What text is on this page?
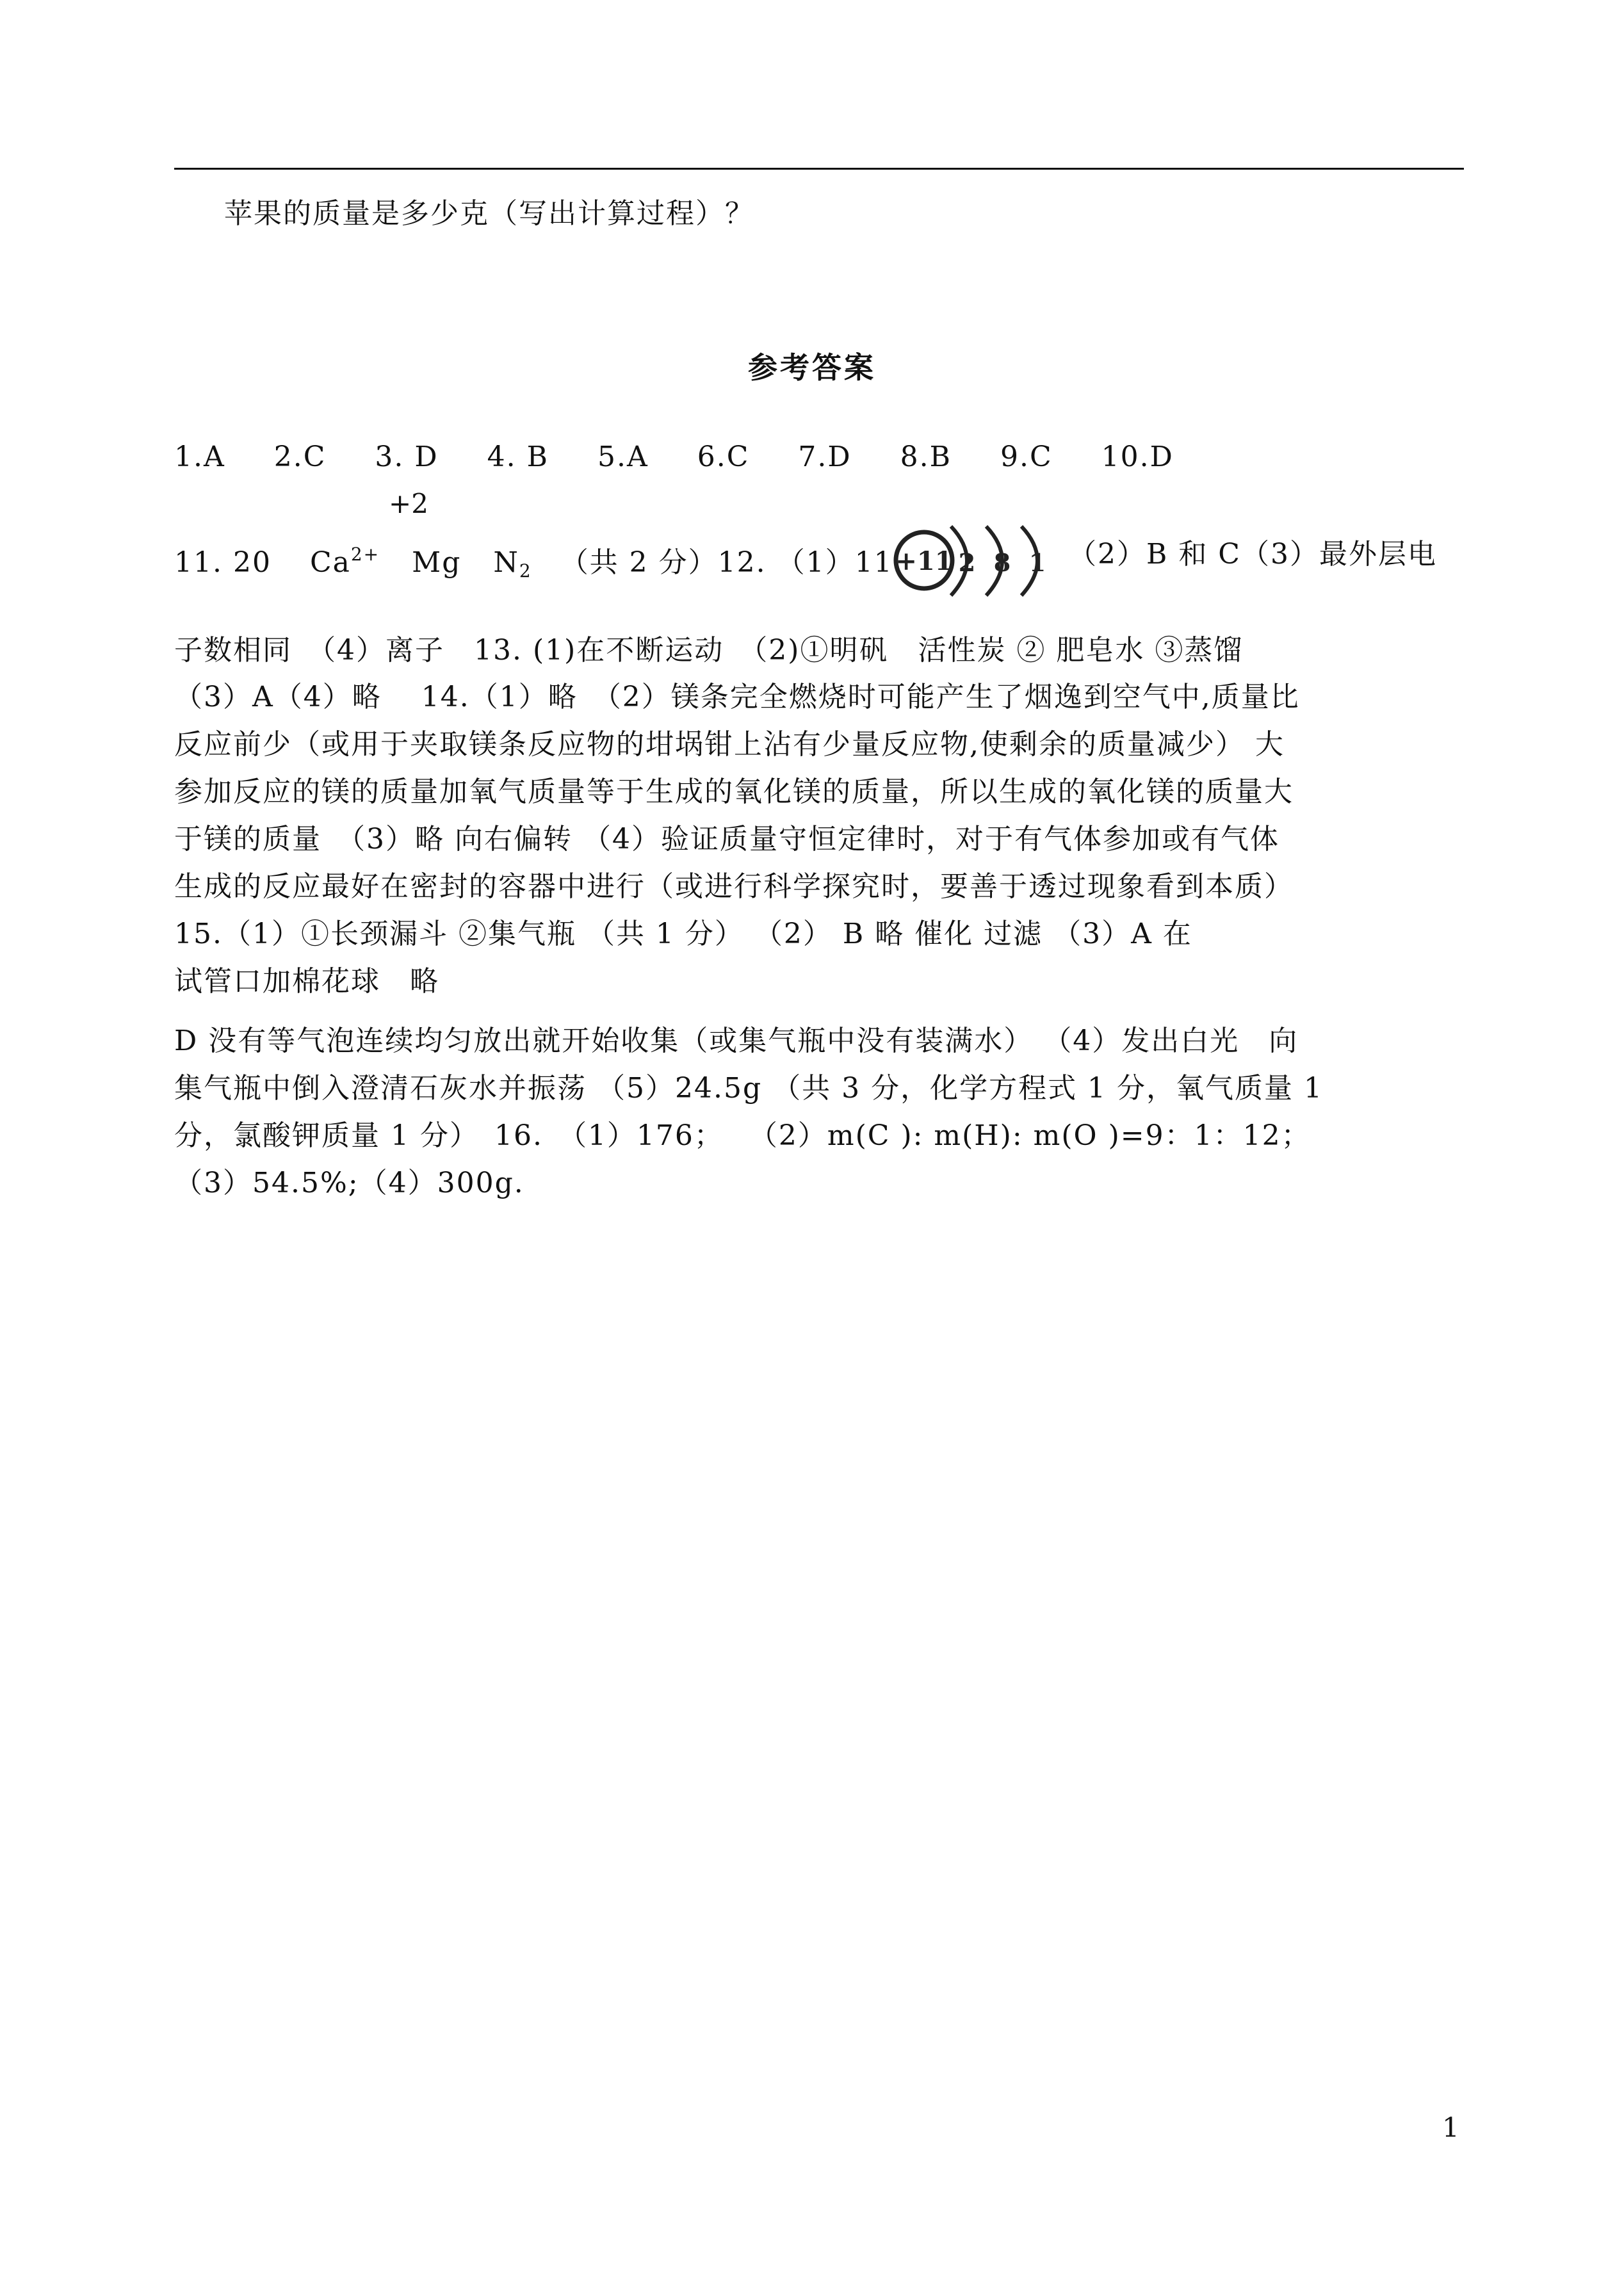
苹果的质量是多少克（写出计算过程）？
参考答案
1.A 2.C 3. D 4. B 5.A 6.C 7.D 8.B 9.C 10.D
+2
11. 20 $Ca^{2+}$ Mg $N_2$ （共 2 分）12. （1）11 +11 2 8 1 （2）B 和 C（3）最外层电
子数相同　（4）离子　13. (1)在不断运动　（2)①明矾　活性炭 ② 肥皂水 ③蒸馏
（3）A（4）略　 14.（1）略　（2）镁条完全燃烧时可能产生了烟逸到空气中,质量比
反应前少（或用于夹取镁条反应物的坩埚钳上沾有少量反应物,使剩余的质量减少） 大
参加反应的镁的质量加氧气质量等于生成的氧化镁的质量，所以生成的氧化镁的质量大
于镁的质量　（3）略 向右偏转 （4）验证质量守恒定律时，对于有气体参加或有气体
生成的反应最好在密封的容器中进行（或进行科学探究时，要善于透过现象看到本质）
15.（1）①长颈漏斗 ②集气瓶 （共 1 分） （2） B 略 催化 过滤 （3）A 在
试管口加棉花球　略
D 没有等气泡连续均匀放出就开始收集（或集气瓶中没有装满水） （4）发出白光　向
集气瓶中倒入澄清石灰水并振荡 （5）24.5g （共 3 分，化学方程式 1 分，氧气质量 1
分，氯酸钾质量 1 分）　16.　（1）176；　 （2）m(C ): m(H): m(O )=9：1：12；
（3）54.5%;（4）300g.
1
